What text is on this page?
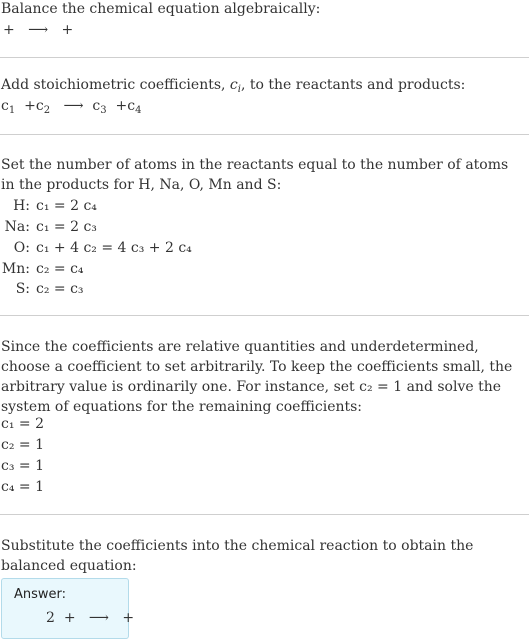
Balance the chemical equation algebraically:
+ ⟶ +
Add stoichiometric coefficients, $c_i$, to the reactants and products:
$c_1 +c_2$ ⟶ $c_3 +c_4$
Set the number of atoms in the reactants equal to the number of atoms in the products for H, Na, O, Mn and S:
H: c₁ = 2 c₄
Na: c₁ = 2 c₃
O: c₁ + 4 c₂ = 4 c₃ + 2 c₄
Mn: c₂ = c₄
S: c₂ = c₃
Since the coefficients are relative quantities and underdetermined, choose a coefficient to set arbitrarily. To keep the coefficients small, the arbitrary value is ordinarily one. For instance, set c₂ = 1 and solve the system of equations for the remaining coefficients:
c₁ = 2
c₂ = 1
c₃ = 1
c₄ = 1
Substitute the coefficients into the chemical reaction to obtain the balanced equation:
Answer:
2 + ⟶ +
